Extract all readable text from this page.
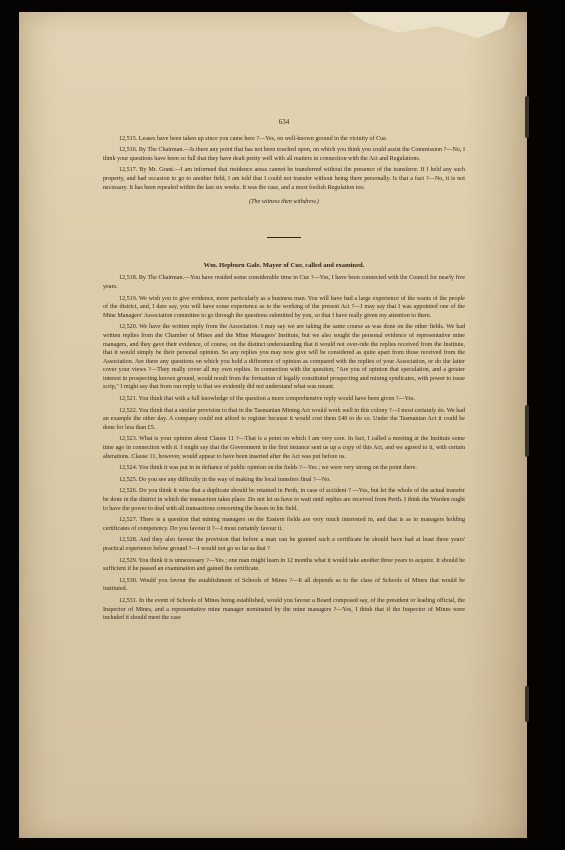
634

12,515. Leases have been taken up since you came here ?—Yes, on well-known ground in the vicinity of Cue.

12,516. By The Chairman.—Is there any point that has not been touched upon, on which you think you could assist the Commission ?—No, I think your questions have been so full that they have dealt pretty well with all matters in connection with the Act and Regulations.

12,517. By Mr. Grant.—I am informed that residence areas cannot be transferred without the presence of the transferor. If I held any such property, and had occasion to go to another field, I am told that I could not transfer without being there personally. Is that a fact ?—No, it is not necessary. It has been repealed within the last six weeks. It was the case, and a most foolish Regulation too.

(The witness then withdrew.)

Wm. Hepburn Gale. Mayor of Cue, called and examined.

12,518. By The Chairman.—You have resided some considerable time in Cue ?—Yes, I have been connected with the Council for nearly five years.

12,519. We wish you to give evidence, more particularly as a business man. You will have had a large experience of the wants of the people of the district, and, I dare say, you will have some experience as to the working of the present Act ?—I may say that I was appointed one of the Mine Managers' Association committee to go through the questions submitted by you, so that I have really given my attention to them.

12,520. We have the written reply from the Association. I may say we are taking the same course as was done on the other fields. We had written replies from the Chamber of Mines and the Mine Managers' Institute, but we also sought the personal evidence of representative mine managers, and they gave their evidence, of course, on the distinct understanding that it would not over-ride the replies received from the Institute, that it would simply be their personal opinion. So any replies you may now give will be considered as quite apart from those received from the Association. Are there any questions on which you hold a difference of opinion as compared with the replies of your Association, or do the latter cover your views ?—They really cover all my own replies. In connection with the question, "Are you of opinion that speculation, and a greater interest in prospecting known ground, would result from the formation of legally constituted prospecting and mining syndicates, with power to issue scrip," I might say that from our reply to that we evidently did not understand what was meant.

12,521. You think that with a full knowledge of the question a more comprehensive reply would have been given ?—Yes.

12,522. You think that a similar provision to that in the Tasmanian Mining Act would work well in this colony ?—I most certainly do. We had an example the other day. A company could not afford to register because it would cost them £40 to do so. Under the Tasmanian Act it could be done for less than £5.

12,523. What is your opinion about Clause 11 ?—That is a point on which I am very sore. In fact, I called a meeting at the Institute some time ago in connection with it. I might say that the Government in the first instance sent us up a copy of this Act, and we agreed to it, with certain alterations. Clause 11, however, would appear to have been inserted after the Act was put before us.

12,524. You think it was put in in defiance of public opinion on the fields ?—Yes ; we were very strong on the point there.

12,525. Do you see any difficulty in the way of making the local transfers final ?—No.

12,526. Do you think it wise that a duplicate should be retained in Perth, in case of accident ? —Yes, but let the whole of the actual transfer be done in the district in which the transaction takes place. Do not let us have to wait until replies are received from Perth. I think the Warden ought to have the power to deal with all transactions concerning the leases in his field.

12,527. There is a question that mining managers on the Eastern fields are very much interested in, and that is as to managers holding certificates of competency. Do you favour it ?—I most certainly favour it.

12,528. And they also favour the provision that before a man can be granted such a certificate he should have had at least three years' practical experience below ground ?—I would not go so far as that ?

12,529. You think it is unnecessary ?—Yes ; one man might learn in 12 months what it would take another three years to acquire. It should be sufficient if he passed an examination and gained the certificate.

12,530. Would you favour the establishment of Schools of Mines ?—It all depends as to the class of Schools of Mines that would be instituted.

12,531. In the event of Schools of Mines being established, would you favour a Board composed say, of the president or leading official, the Inspector of Mines, and a representative mine manager nominated by the mine managers ?—Yes, I think that if the Inspector of Mines were included it should meet the case
